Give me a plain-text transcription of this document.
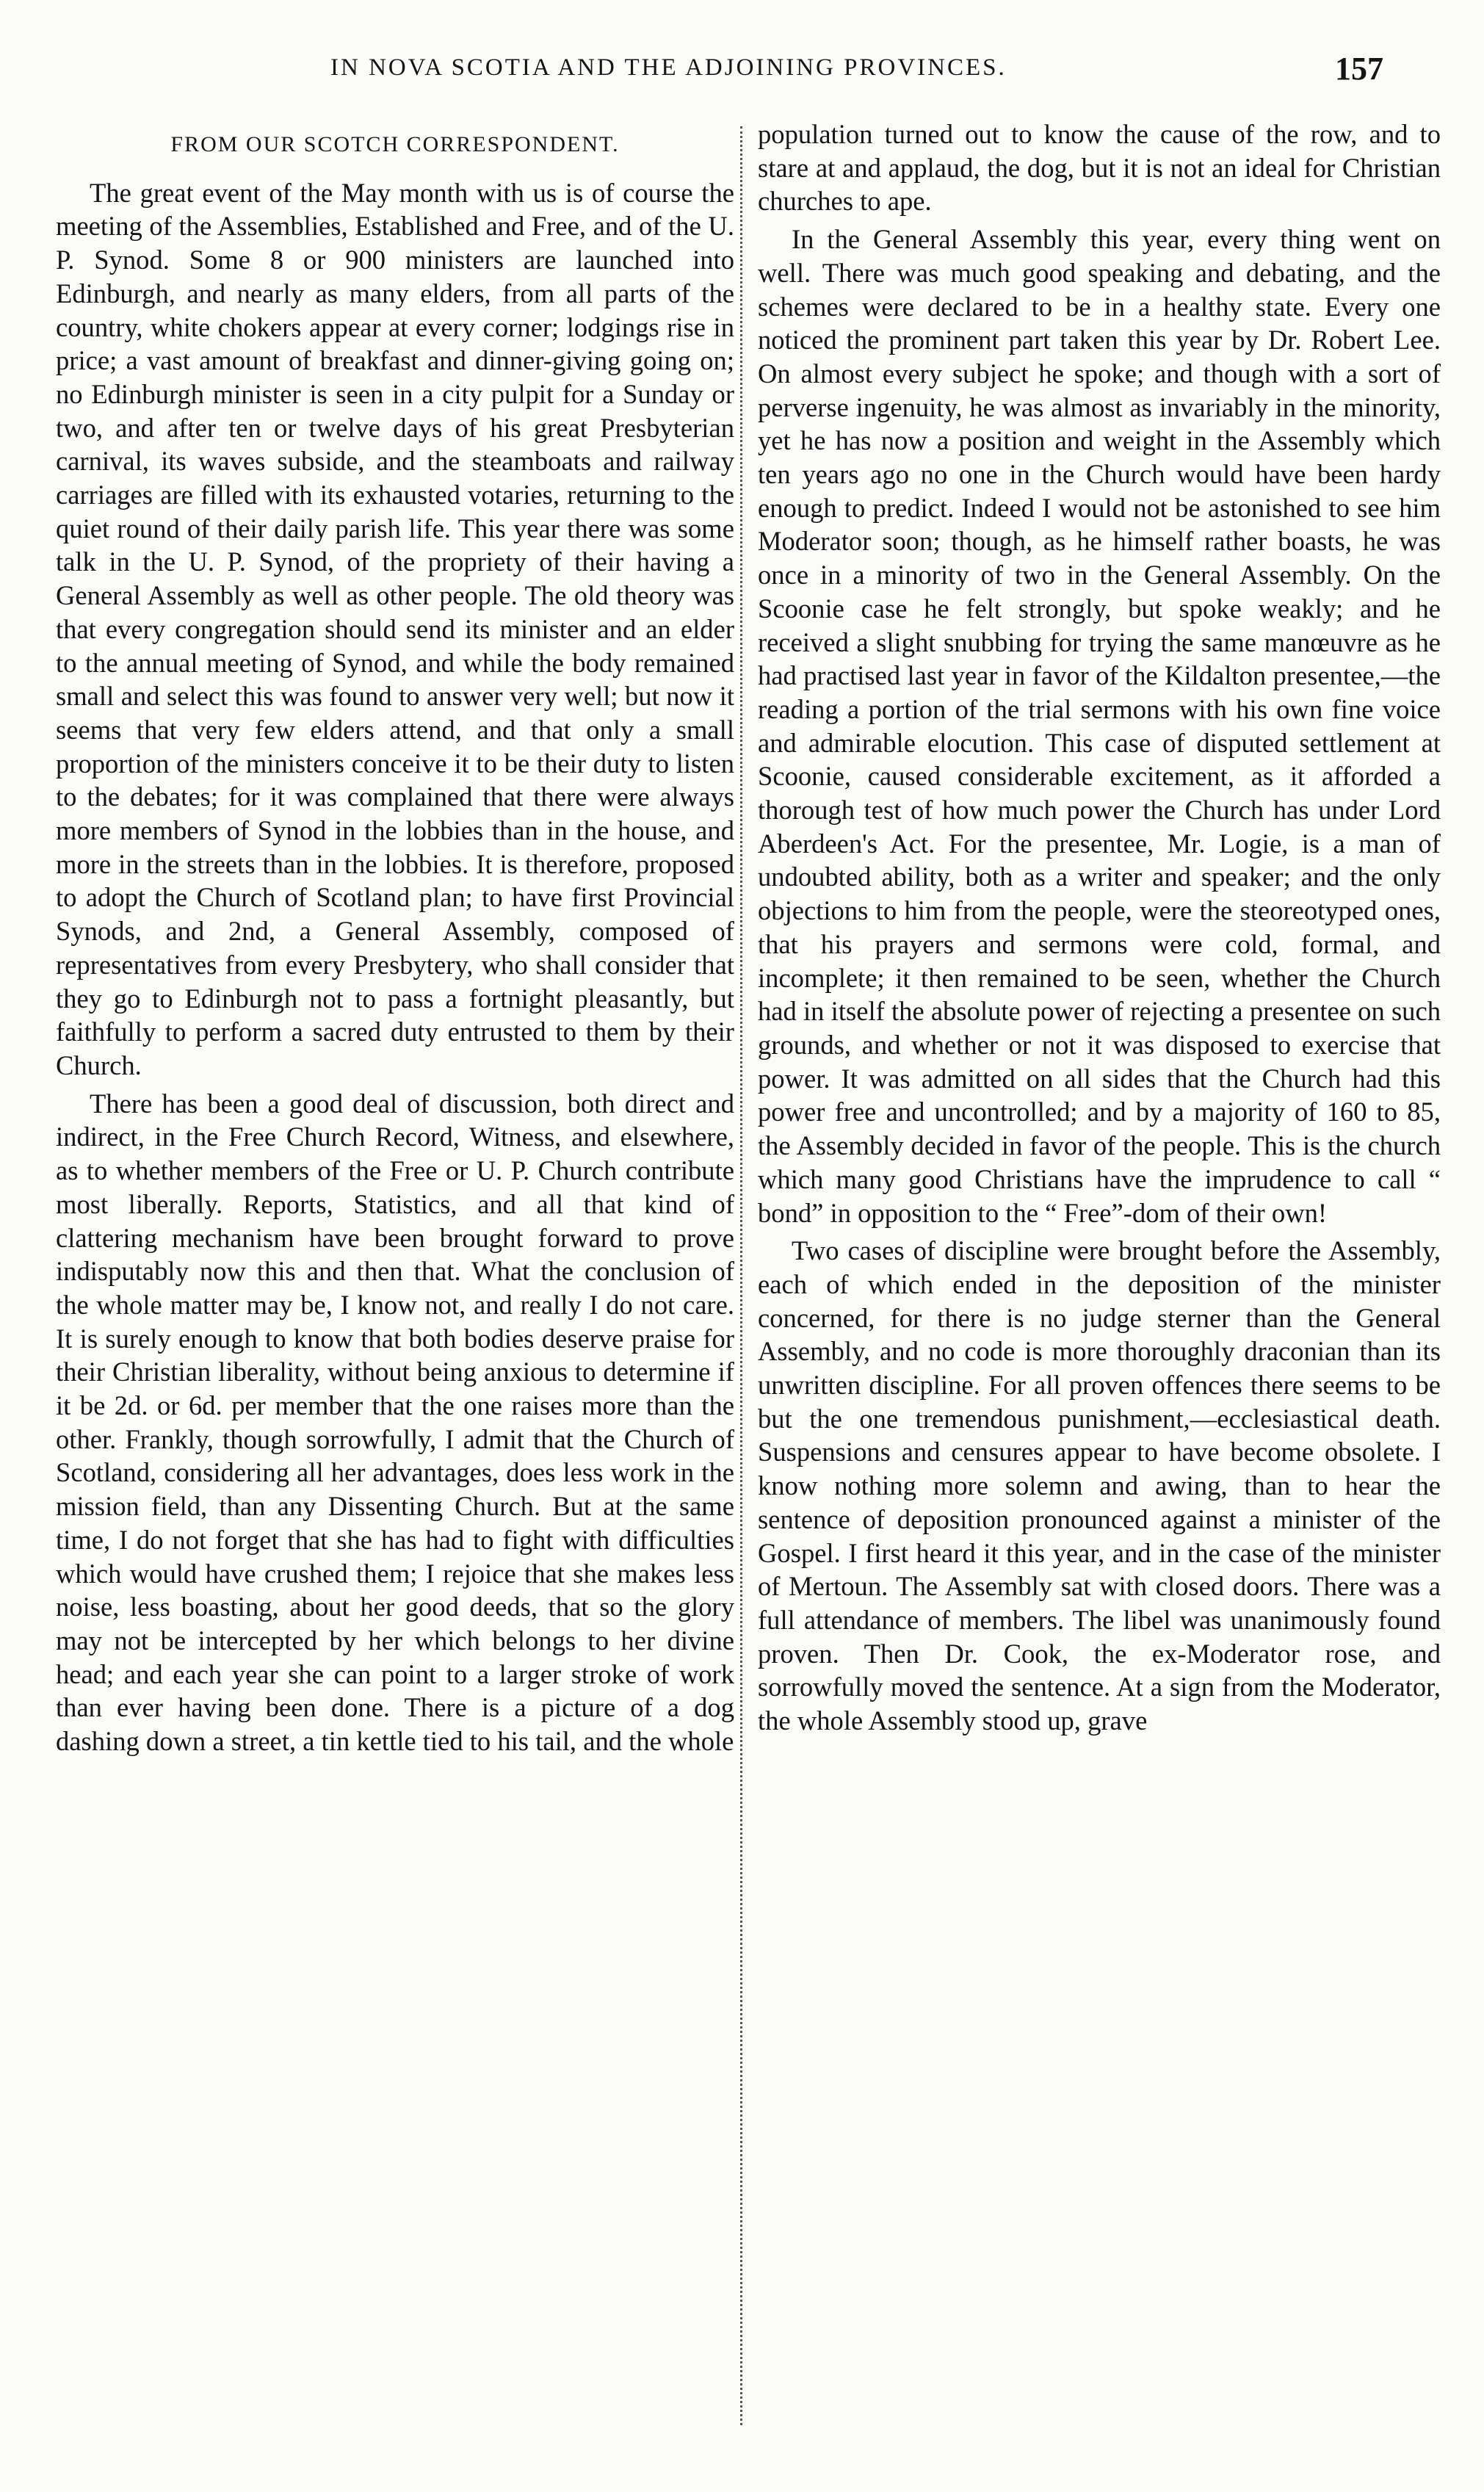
IN NOVA SCOTIA AND THE ADJOINING PROVINCES.	157
FROM OUR SCOTCH CORRESPONDENT.

The great event of the May month with us is of course the meeting of the Assemblies, Established and Free, and of the U. P. Synod. Some 8 or 900 ministers are launched into Edinburgh, and nearly as many elders, from all parts of the country, white chokers appear at every corner; lodgings rise in price; a vast amount of breakfast and dinner-giving going on; no Edinburgh minister is seen in a city pulpit for a Sunday or two, and after ten or twelve days of his great Presbyterian carnival, its waves subside, and the steamboats and railway carriages are filled with its exhausted votaries, returning to the quiet round of their daily parish life. This year there was some talk in the U. P. Synod, of the propriety of their having a General Assembly as well as other people. The old theory was that every congregation should send its minister and an elder to the annual meeting of Synod, and while the body remained small and select this was found to answer very well; but now it seems that very few elders attend, and that only a small proportion of the ministers conceive it to be their duty to listen to the debates; for it was complained that there were always more members of Synod in the lobbies than in the house, and more in the streets than in the lobbies. It is therefore, proposed to adopt the Church of Scotland plan; to have first Provincial Synods, and 2nd, a General Assembly, composed of representatives from every Presbytery, who shall consider that they go to Edinburgh not to pass a fortnight pleasantly, but faithfully to perform a sacred duty entrusted to them by their Church.

There has been a good deal of discussion, both direct and indirect, in the Free Church Record, Witness, and elsewhere, as to whether members of the Free or U. P. Church contribute most liberally. Reports, Statistics, and all that kind of clattering mechanism have been brought forward to prove indisputably now this and then that. What the conclusion of the whole matter may be, I know not, and really I do not care. It is surely enough to know that both bodies deserve praise for their Christian liberality, without being anxious to determine if it be 2d. or 6d. per member that the one raises more than the other. Frankly, though sorrowfully, I admit that the Church of Scotland, considering all her advantages, does less work in the mission field, than any Dissenting Church. But at the same time, I do not forget that she has had to fight with difficulties which would have crushed them; I rejoice that she makes less noise, less boasting, about her good deeds, that so the glory may not be intercepted by her which belongs to her divine head; and each year she can point to a larger stroke of work than ever having been done. There is a picture of a dog dashing down a street, a tin kettle tied to his tail, and the whole

population turned out to know the cause of the row, and to stare at and applaud, the dog, but it is not an ideal for Christian churches to ape.

In the General Assembly this year, every thing went on well. There was much good speaking and debating, and the schemes were declared to be in a healthy state. Every one noticed the prominent part taken this year by Dr. Robert Lee. On almost every subject he spoke; and though with a sort of perverse ingenuity, he was almost as invariably in the minority, yet he has now a position and weight in the Assembly which ten years ago no one in the Church would have been hardy enough to predict. Indeed I would not be astonished to see him Moderator soon; though, as he himself rather boasts, he was once in a minority of two in the General Assembly. On the Scoonie case he felt strongly, but spoke weakly; and he received a slight snubbing for trying the same manœuvre as he had practised last year in favor of the Kildalton presentee,—the reading a portion of the trial sermons with his own fine voice and admirable elocution. This case of disputed settlement at Scoonie, caused considerable excitement, as it afforded a thorough test of how much power the Church has under Lord Aberdeen's Act. For the presentee, Mr. Logie, is a man of undoubted ability, both as a writer and speaker; and the only objections to him from the people, were the steoreotyped ones, that his prayers and sermons were cold, formal, and incomplete; it then remained to be seen, whether the Church had in itself the absolute power of rejecting a presentee on such grounds, and whether or not it was disposed to exercise that power. It was admitted on all sides that the Church had this power free and uncontrolled; and by a majority of 160 to 85, the Assembly decided in favor of the people. This is the church which many good Christians have the imprudence to call “ bond” in opposition to the “ Free”-dom of their own!

Two cases of discipline were brought before the Assembly, each of which ended in the deposition of the minister concerned, for there is no judge sterner than the General Assembly, and no code is more thoroughly draconian than its unwritten discipline. For all proven offences there seems to be but the one tremendous punishment,—ecclesiastical death. Suspensions and censures appear to have become obsolete. I know nothing more solemn and awing, than to hear the sentence of deposition pronounced against a minister of the Gospel. I first heard it this year, and in the case of the minister of Mertoun. The Assembly sat with closed doors. There was a full attendance of members. The libel was unanimously found proven. Then Dr. Cook, the ex-Moderator rose, and sorrowfully moved the sentence. At a sign from the Moderator, the whole Assembly stood up, grave
